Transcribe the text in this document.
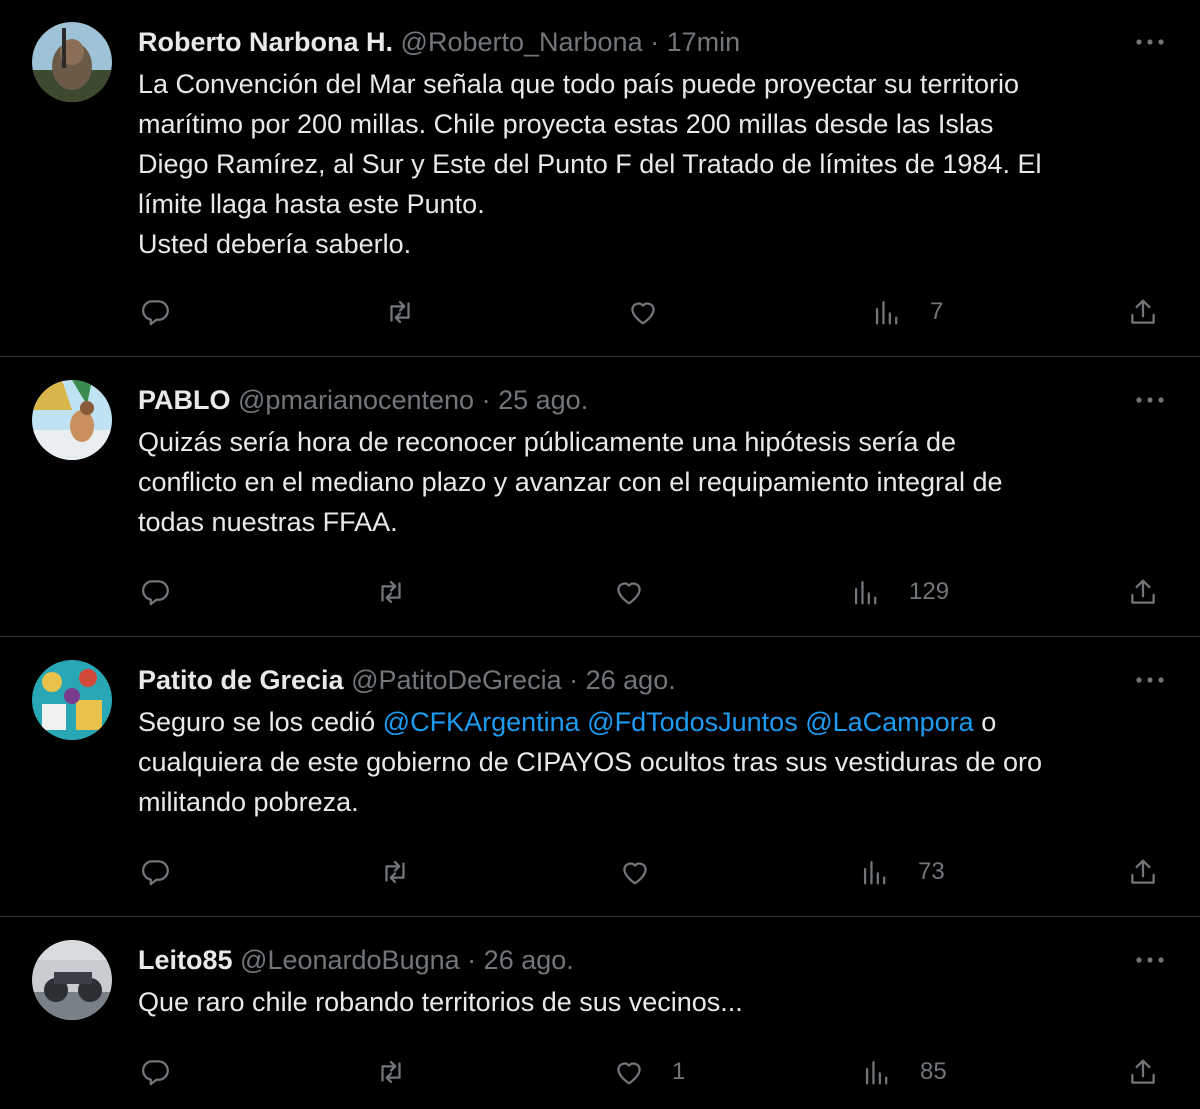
Roberto Narbona H. @Roberto_Narbona · 17min
La Convención del Mar señala que todo país puede proyectar su territorio
marítimo por 200 millas. Chile proyecta estas 200 millas desde las Islas
Diego Ramírez, al Sur y Este del Punto F del Tratado de límites de 1984. El
límite llaga hasta este Punto.
Usted debería saberlo.
7
PABLO @pmarianocenteno · 25 ago.
Quizás sería hora de reconocer públicamente una hipótesis sería de
conflicto en el mediano plazo y avanzar con el requipamiento integral de
todas nuestras FFAA.
129
Patito de Grecia @PatitoDeGrecia · 26 ago.
Seguro se los cedió @CFKArgentina @FdTodosJuntos @LaCampora o
cualquiera de este gobierno de CIPAYOS ocultos tras sus vestiduras de oro
militando pobreza.
73
Leito85 @LeonardoBugna · 26 ago.
Que raro chile robando territorios de sus vecinos...
1	85
